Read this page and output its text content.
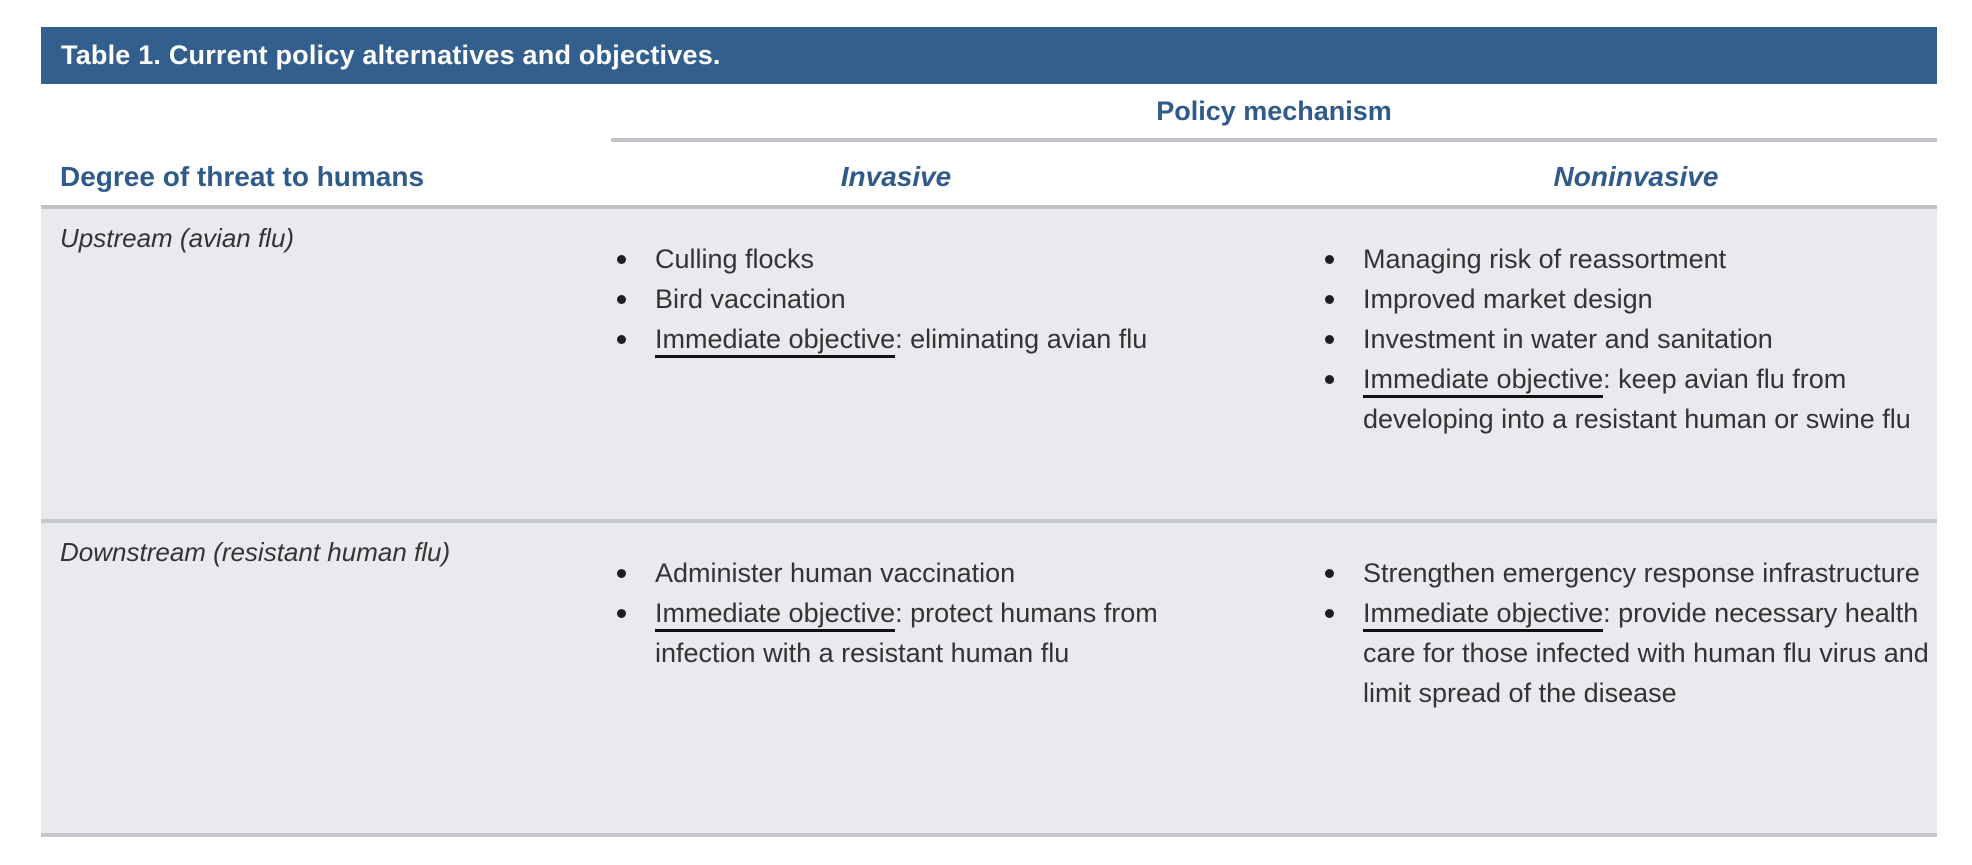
Table 1. Current policy alternatives and objectives.
Policy mechanism
Degree of threat to humans	Invasive	Noninvasive
Upstream (avian flu)
Culling flocks
Bird vaccination
Immediate objective: eliminating avian flu
Managing risk of reassortment
Improved market design
Investment in water and sanitation
Immediate objective: keep avian flu from developing into a resistant human or swine flu
Downstream (resistant human flu)
Administer human vaccination
Immediate objective: protect humans from infection with a resistant human flu
Strengthen emergency response infrastructure
Immediate objective: provide necessary health care for those infected with human flu virus and limit spread of the disease
